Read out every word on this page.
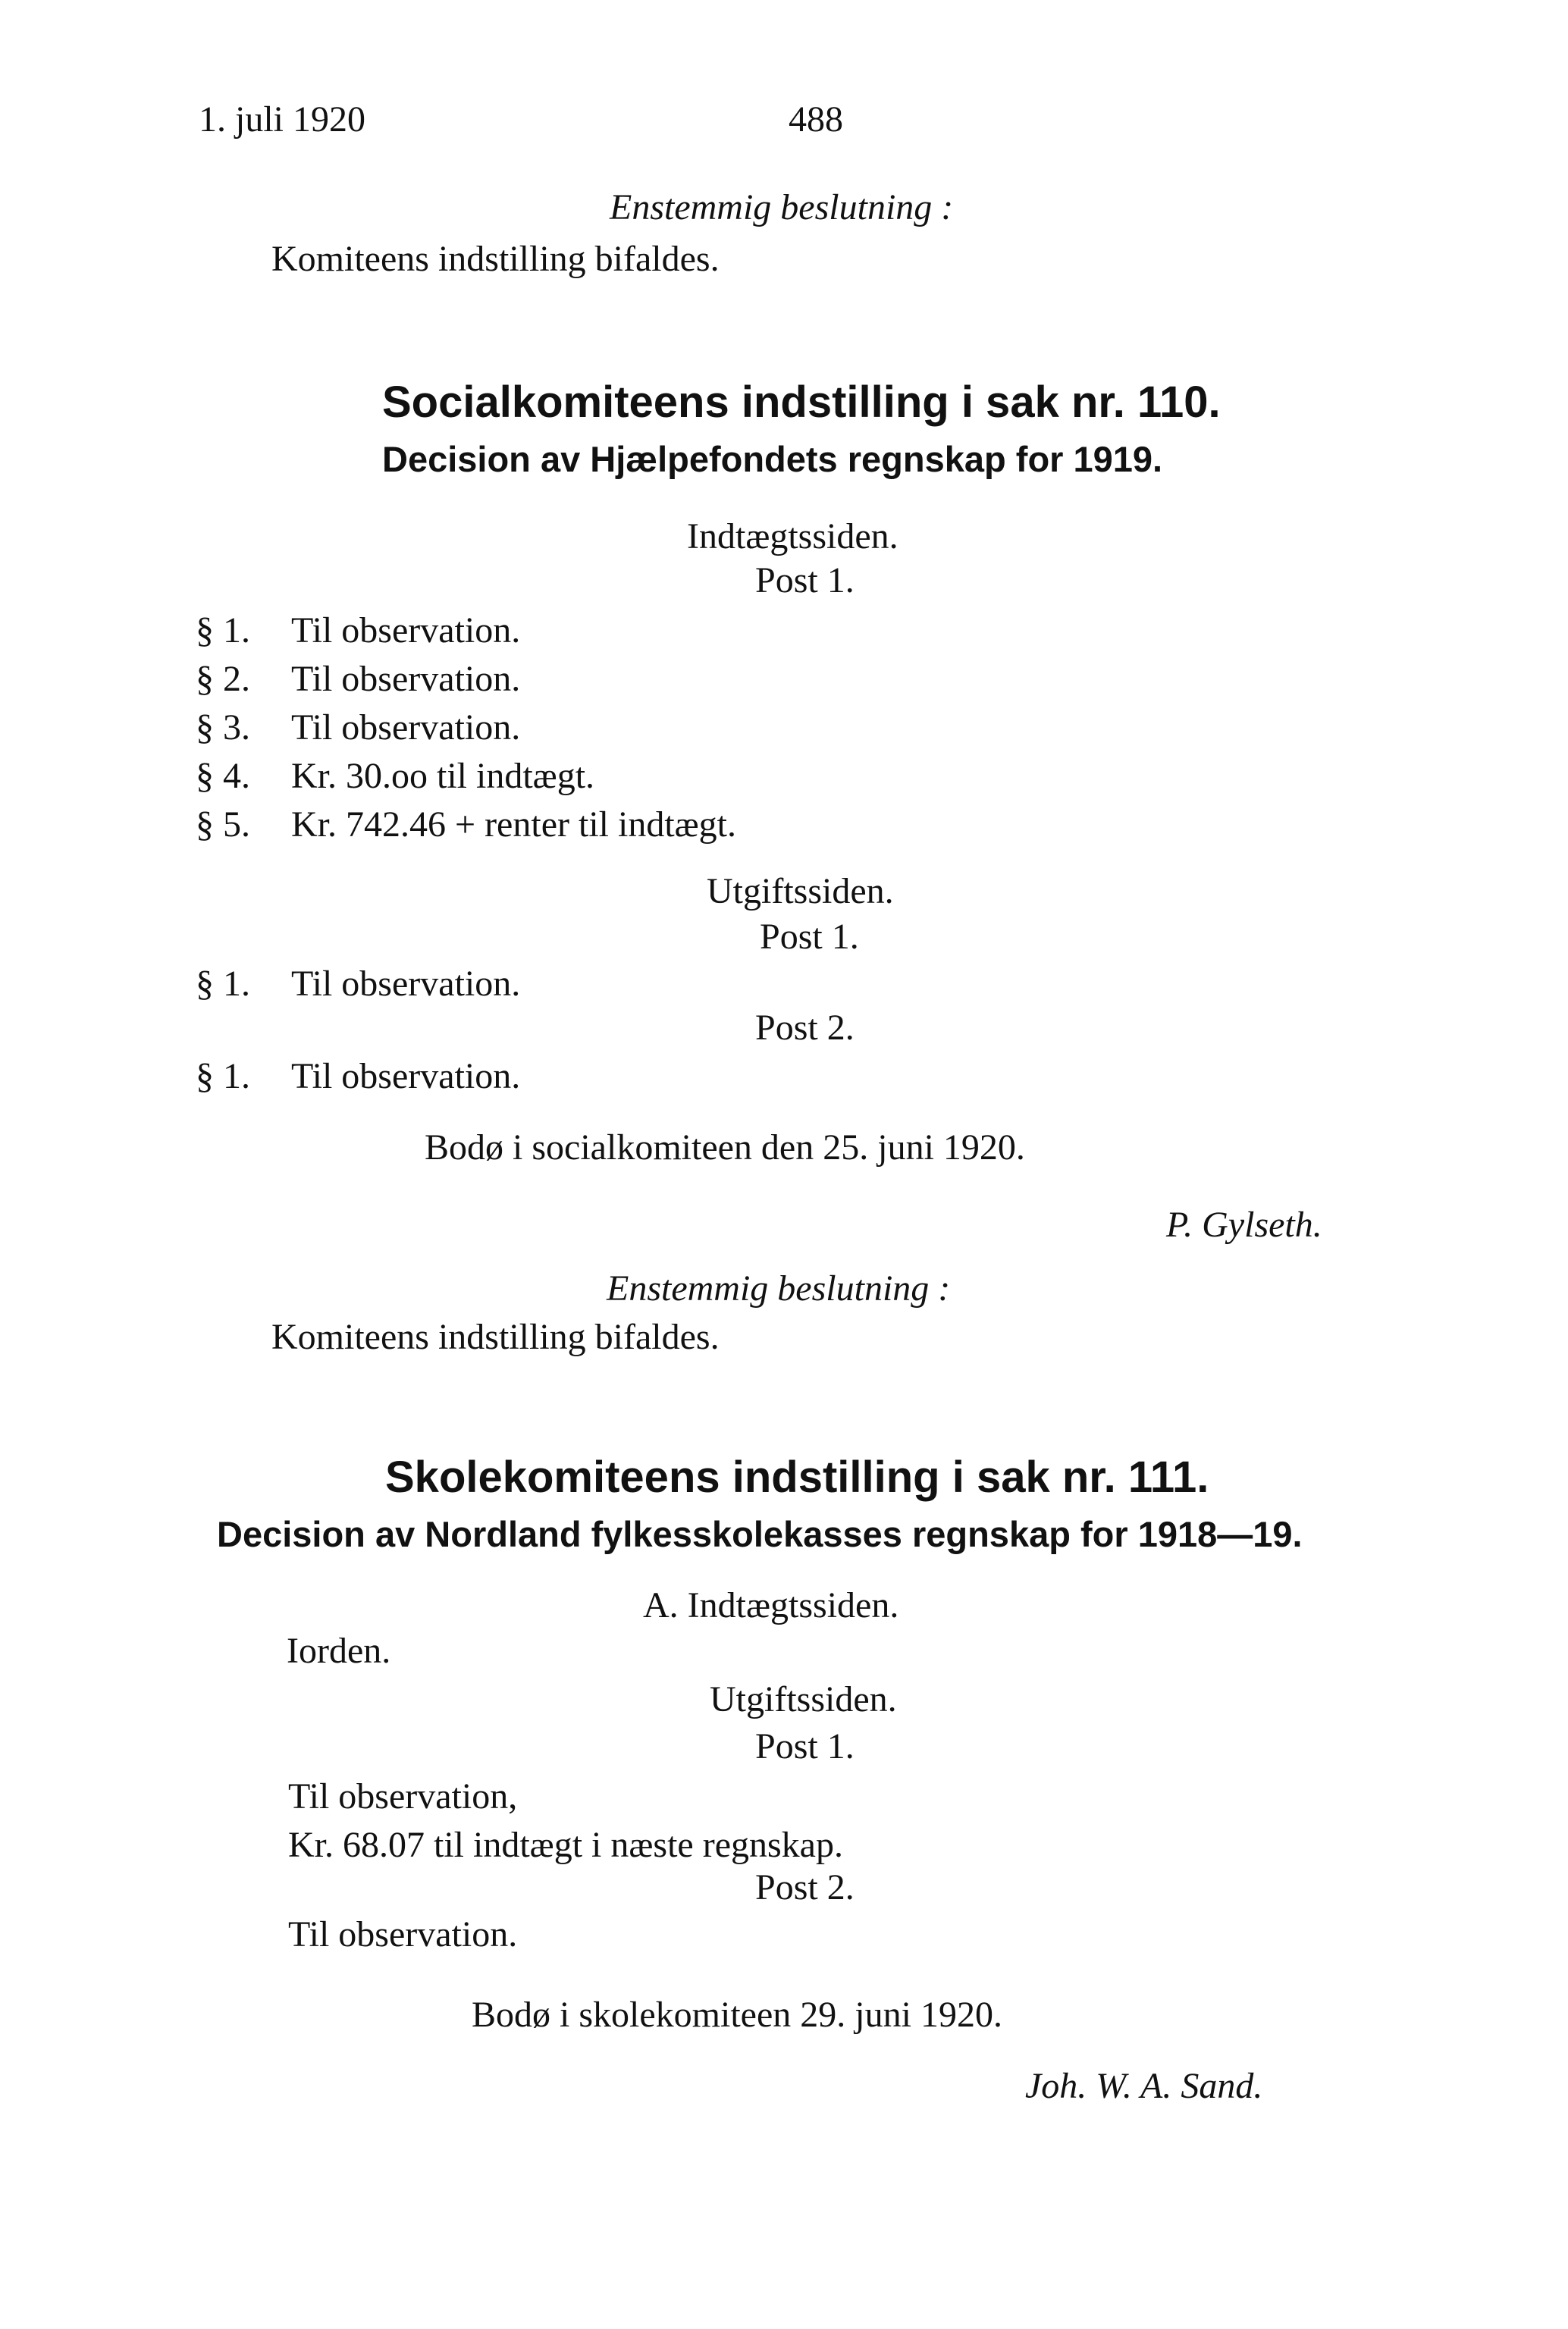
1. juli 1920	488
Enstemmig beslutning :
Komiteens indstilling bifaldes.
Socialkomiteens indstilling i sak nr. 110.
Decision av Hjælpefondets regnskap for 1919.
Indtægtssiden.
Post 1.
§ 1. Til observation.
§ 2. Til observation.
§ 3. Til observation.
§ 4. Kr. 30.oo til indtægt.
§ 5. Kr. 742.46 + renter til indtægt.
Utgiftssiden.
Post 1.
§ 1. Til observation.
Post 2.
§ 1. Til observation.
Bodø i socialkomiteen den 25. juni 1920.
P. Gylseth.
Enstemmig beslutning :
Komiteens indstilling bifaldes.
Skolekomiteens indstilling i sak nr. 111.
Decision av Nordland fylkesskolekasses regnskap for 1918—19.
A. Indtægtssiden.
Iorden.
Utgiftssiden.
Post 1.
Til observation,
Kr. 68.07 til indtægt i næste regnskap.
Post 2.
Til observation.
Bodø i skolekomiteen 29. juni 1920.
Joh. W. A. Sand.
